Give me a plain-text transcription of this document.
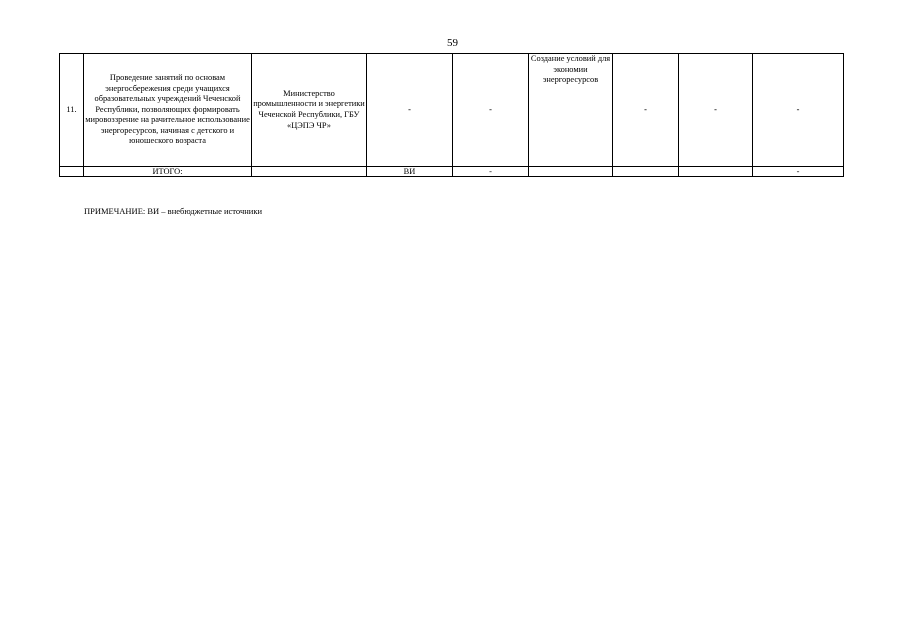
59
11.	Проведение занятий по основам энергосбережения среди учащихся образовательных учреждений Чеченской Республики, позволяющих формировать мировоззрение на рачительное использование энергоресурсов, начиная с детского и юношеского возраста	Министерство промышленности и энергетики Чеченской Республики, ГБУ «ЦЭПЭ ЧР»	-	-	Создание условий для экономии энергоресурсов	-	-	-
	ИТОГО:		ВИ	-				-
ПРИМЕЧАНИЕ: ВИ – внебюджетные источники
